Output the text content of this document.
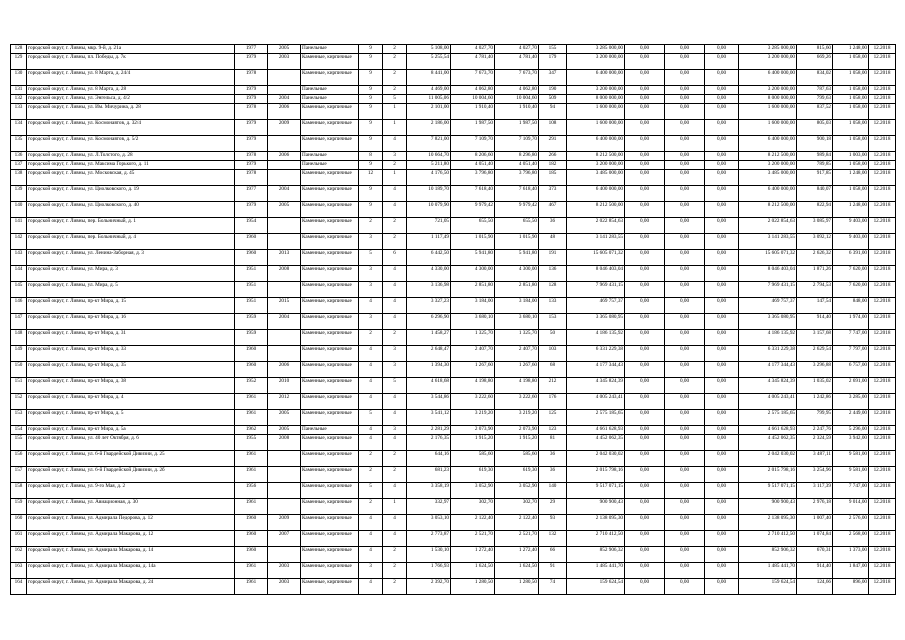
128	городской округ, г. Ливны, мкр. 9-й, д. 21а	1977	2005	Панельные	9	2	5 108,00	4 027,70	4 027,70	155	3 285 000,00	0,00	0,00	0,00	3 285 000,00	815,60	1 248,00	12.2018
129	городской округ, г. Ливны, пл. Победы, д. 7к	1979	2003	Каменные, кирпичные	9	2	5 255,54	4 781,40	4 781,40	179	3 200 000,00	0,00	0,00	0,00	3 200 000,00	669,26	1 058,00	12.2018
130	городской округ, г. Ливны, ул. 8 Марта, д. 24/4	1978		Каменные, кирпичные	9	2	8 441,00	7 673,70	7 673,70	347	6 400 000,00	0,00	0,00	0,00	6 400 000,00	834,02	1 058,00	12.2018
131	городской округ, г. Ливны, ул. 8 Марта, д. 28	1979		Панельные	9	2	4 469,00	4 062,80	4 062,80	190	3 200 000,00	0,00	0,00	0,00	3 200 000,00	787,63	1 058,00	12.2018
132	городской округ, г. Ливны, ул. Энгельса, д. 4/2	1979	2004	Панельные	9	5	11 005,06	10 004,60	10 004,60	509	8 000 000,00	0,00	0,00	0,00	8 000 000,00	799,63	1 058,00	12.2018
133	городской округ, г. Ливны, ул. Им. Мичурина, д. 28	1978	2006	Каменные, кирпичные	9	1	2 101,00	1 910,40	1 910,40	94	1 600 000,00	0,00	0,00	0,00	1 600 000,00	837,52	1 058,00	12.2018
134	городской округ, г. Ливны, ул. Космонавтов, д. 32/4	1979	2009	Каменные, кирпичные	9	1	2 186,00	1 987,50	1 987,50	108	1 600 000,00	0,00	0,00	0,00	1 600 000,00	805,03	1 058,00	12.2018
135	городской округ, г. Ливны, ул. Космонавтов, д. 5/2	1979		Каменные, кирпичные	9	4	7 821,00	7 109,70	7 109,70	291	6 400 000,00	0,00	0,00	0,00	6 400 000,00	900,18	1 058,00	12.2018
136	городской округ, г. Ливны, ул. Л.Толстого, д. 28	1978	2006	Панельные	8	3	10 664,70	8 206,60	8 296,80	266	8 212 500,00	0,00	0,00	0,00	8 212 500,00	989,84	1 003,00	12.2018
137	городской округ, г. Ливны, ул. Максима Горького, д. 11	1979		Панельные	9	2	5 211,80	4 051,40	4 051,40	182	3 200 000,00	0,00	0,00	0,00	3 200 000,00	789,85	1 058,00	12.2018
138	городской округ, г. Ливны, ул. Московская, д. 45	1978		Каменные, кирпичные	12	1	4 176,50	3 796,80	3 796,80	185	3 485 000,00	0,00	0,00	0,00	3 485 000,00	917,85	1 248,00	12.2018
139	городской округ, г. Ливны, ул. Циолковского, д. 19	1977	2004	Каменные, кирпичные	9	4	10 189,70	7 618,40	7 618,40	373	6 400 000,00	0,00	0,00	0,00	6 400 000,00	840,07	1 058,00	12.2018
140	городской округ, г. Ливны, ул. Циолковского, д. 40	1979	2005	Каменные, кирпичные	9	4	10 079,90	9 979,42	9 979,42	467	8 212 500,00	0,00	0,00	0,00	8 212 500,00	822,94	1 248,00	12.2018
141	городской округ, г. Ливны, пер. Больничный, д. 1	1954		Каменные, кирпичные	2	2	721,05	655,50	655,50	36	2 022 854,63	0,00	0,00	0,00	2 022 854,63	3 085,97	9 403,00	12.2018
142	городской округ, г. Ливны, пер. Больничный, д. 4	1960		Каменные, кирпичные	3	2	1 117,49	1 015,90	1 015,90	48	3 141 283,55	0,00	0,00	0,00	3 141 283,55	3 092,12	9 403,00	12.2018
143	городской округ, г. Ливны, ул. Ленина-Заборная, д. 3	1960	2013	Каменные, кирпичные	5	6	6 442,50	5 941,80	5 941,80	191	15 605 071,32	0,00	0,00	0,00	15 605 071,32	2 626,32	6 391,00	12.2018
144	городской округ, г. Ливны, ул. Мира, д. 3	1951	2008	Каменные, кирпичные	3	4	4 330,00	4 300,00	4 300,00	136	8 046 403,04	0,00	0,00	0,00	8 046 403,04	1 871,26	7 620,00	12.2018
145	городской округ, г. Ливны, ул. Мира, д. 5	1951		Каменные, кирпичные	3	4	3 136,98	2 851,80	2 851,80	128	7 969 431,15	0,00	0,00	0,00	7 969 431,15	2 794,53	7 620,00	12.2018
146	городской округ, г. Ливны, пр-кт Мира, д. 15	1951	2015	Каменные, кирпичные	4	4	3 327,23	3 184,00	3 184,00	133	469 757,37	0,00	0,00	0,00	469 757,37	147,54	848,00	12.2018
147	городской округ, г. Ливны, пр-кт Мира, д. 16	1959	2004	Каменные, кирпичные	3	4	6 296,90	3 680,10	3 680,10	153	3 365 080,95	0,00	0,00	0,00	3 365 080,95	914,40	1 974,00	12.2018
148	городской округ, г. Ливны, пр-кт Мира, д. 31	1959		Каменные, кирпичные	2	2	1 458,27	1 325,70	1 325,70	50	4 186 135,92	0,00	0,00	0,00	4 186 135,92	3 157,68	7 747,00	12.2018
149	городской округ, г. Ливны, пр-кт Мира, д. 33	1960		Каменные, кирпичные	4	3	2 648,47	2 407,70	2 407,70	103	6 331 229,38	0,00	0,00	0,00	6 331 229,38	2 629,54	7 797,00	12.2018
150	городской округ, г. Ливны, пр-кт Мира, д. 35	1960	2006	Каменные, кирпичные	4	3	1 394,30	1 267,60	1 267,60	68	4 177 344,43	0,00	0,00	0,00	4 177 344,43	3 296,88	6 757,00	12.2018
151	городской округ, г. Ливны, пр-кт Мира, д. 38	1952	2010	Каменные, кирпичные	4	5	4 618,68	4 198,80	4 198,80	212	4 345 824,39	0,00	0,00	0,00	4 345 824,39	1 035,02	2 691,00	12.2018
152	городской округ, г. Ливны, пр-кт Мира, д. 4	1961	2012	Каменные, кирпичные	4	4	3 544,86	3 222,60	3 222,60	176	4 005 243,41	0,00	0,00	0,00	4 005 243,41	1 242,86	3 285,00	12.2018
153	городской округ, г. Ливны, пр-кт Мира, д. 5	1961	2005	Каменные, кирпичные	5	4	3 541,12	3 219,20	3 219,20	125	2 575 185,65	0,00	0,00	0,00	2 575 185,65	799,95	2 449,00	12.2018
154	городской округ, г. Ливны, пр-кт Мира, д. 5а	1962	2005	Панельные	4	3	2 281,29	2 073,90	2 073,90	123	4 661 628,93	0,00	0,00	0,00	4 661 628,93	2 247,76	5 296,00	12.2018
155	городской округ, г. Ливны, ул. 40 лет Октября, д. 6	1955	2008	Каменные, кирпичные	4	4	2 176,35	1 915,20	1 915,20	81	4 452 062,35	0,00	0,00	0,00	4 452 062,35	2 324,59	3 942,00	12.2018
156	городской округ, г. Ливны, ул. 6-й Гвардейской Дивизии, д. 25	1961		Каменные, кирпичные	2	2	644,16	585,60	585,60	36	2 042 030,02	0,00	0,00	0,00	2 042 030,02	3 487,11	9 581,00	12.2018
157	городской округ, г. Ливны, ул. 6-й Гвардейской Дивизии, д. 2б	1961		Каменные, кирпичные	2	2	681,23	619,30	619,30	36	2 015 798,16	0,00	0,00	0,00	2 015 798,16	3 254,96	9 581,00	12.2018
158	городской округ, г. Ливны, ул. 9-го Мая, д. 2	1956		Каменные, кирпичные	5	4	3 358,19	3 052,90	3 052,90	140	9 517 071,15	0,00	0,00	0,00	9 517 071,15	3 117,39	7 747,00	12.2018
159	городской округ, г. Ливны, ул. Авиационная, д. 30	1961		Каменные, кирпичные	2	1	332,97	302,70	302,70	29	900 900,43	0,00	0,00	0,00	900 900,43	2 976,18	9 014,00	12.2018
160	городской округ, г. Ливны, ул. Адмирала Педорова, д. 12	1960	2009	Каменные, кирпичные	4	4	3 053,10	2 122,40	2 122,40	93	2 138 095,30	0,00	0,00	0,00	2 138 095,30	1 007,40	2 576,00	12.2018
161	городской округ, г. Ливны, ул. Адмирала Макарова, д. 12	1960	2007	Каменные, кирпичные	4	4	2 773,87	2 521,70	2 521,70	132	2 710 412,50	0,00	0,00	0,00	2 710 412,50	1 074,84	2 568,00	12.2018
162	городской округ, г. Ливны, ул. Адмирала Макарова, д. 14	1960		Каменные, кирпичные	4	2	1 530,10	1 272,40	1 272,40	66	852 906,32	0,00	0,00	0,00	852 906,32	670,31	1 373,00	12.2018
163	городской округ, г. Ливны, ул. Адмирала Макарова, д. 14а	1961	2003	Каменные, кирпичные	3	2	1 766,93	1 624,50	1 624,50	91	1 485 441,70	0,00	0,00	0,00	1 485 441,70	914,40	1 847,00	12.2018
164	городской округ, г. Ливны, ул. Адмирала Макарова, д. 24	1961	2003	Каменные, кирпичные	4	2	2 392,70	1 280,50	1 280,50	74	159 624,54	0,00	0,00	0,00	159 624,54	124,66	896,00	12.2018
